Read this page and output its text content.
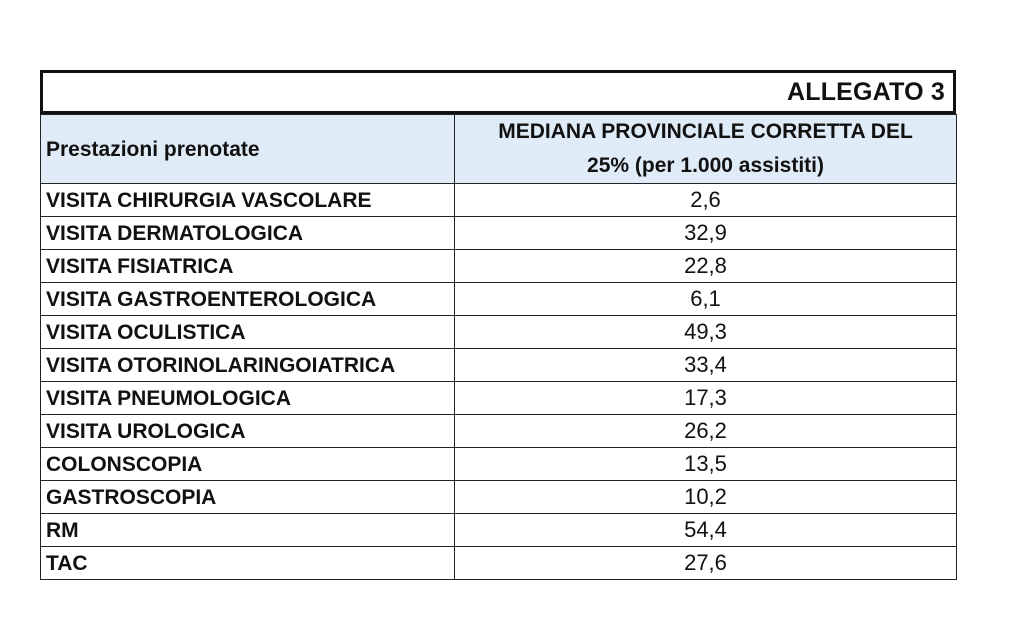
ALLEGATO 3
Prestazioni prenotate	MEDIANA PROVINCIALE CORRETTA DEL
25% (per 1.000 assistiti)
VISITA CHIRURGIA VASCOLARE	2,6
VISITA DERMATOLOGICA	32,9
VISITA FISIATRICA	22,8
VISITA GASTROENTEROLOGICA	6,1
VISITA OCULISTICA	49,3
VISITA OTORINOLARINGOIATRICA	33,4
VISITA PNEUMOLOGICA	17,3
VISITA UROLOGICA	26,2
COLONSCOPIA	13,5
GASTROSCOPIA	10,2
RM	54,4
TAC	27,6
